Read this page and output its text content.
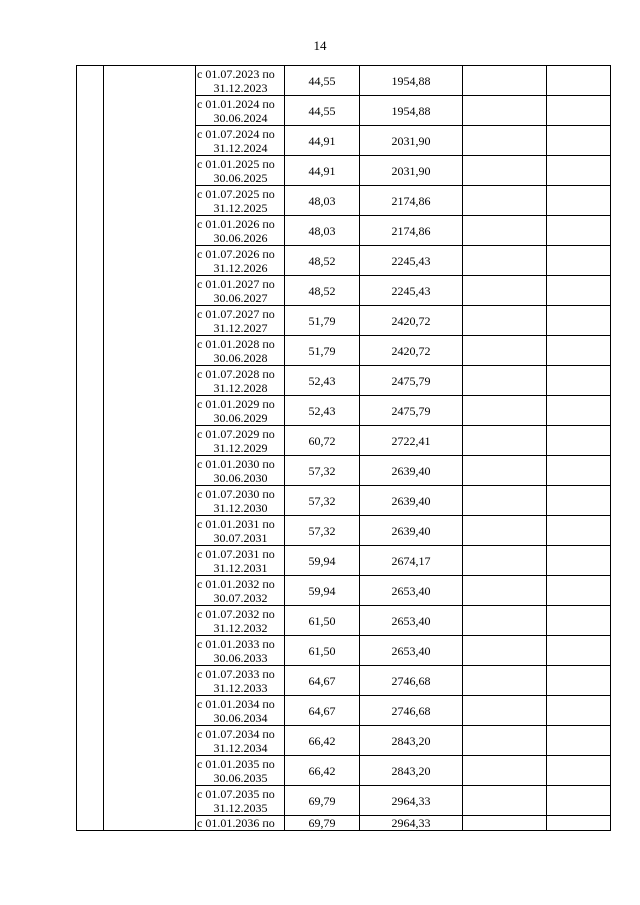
14
		с 01.07.2023 по
31.12.2023	44,55	1954,88		
		с 01.01.2024 по
30.06.2024	44,55	1954,88		
		с 01.07.2024 по
31.12.2024	44,91	2031,90		
		с 01.01.2025 по
30.06.2025	44,91	2031,90		
		с 01.07.2025 по
31.12.2025	48,03	2174,86		
		с 01.01.2026 по
30.06.2026	48,03	2174,86		
		с 01.07.2026 по
31.12.2026	48,52	2245,43		
		с 01.01.2027 по
30.06.2027	48,52	2245,43		
		с 01.07.2027 по
31.12.2027	51,79	2420,72		
		с 01.01.2028 по
30.06.2028	51,79	2420,72		
		с 01.07.2028 по
31.12.2028	52,43	2475,79		
		с 01.01.2029 по
30.06.2029	52,43	2475,79		
		с 01.07.2029 по
31.12.2029	60,72	2722,41		
		с 01.01.2030 по
30.06.2030	57,32	2639,40		
		с 01.07.2030 по
31.12.2030	57,32	2639,40		
		с 01.01.2031 по
30.07.2031	57,32	2639,40		
		с 01.07.2031 по
31.12.2031	59,94	2674,17		
		с 01.01.2032 по
30.07.2032	59,94	2653,40		
		с 01.07.2032 по
31.12.2032	61,50	2653,40		
		с 01.01.2033 по
30.06.2033	61,50	2653,40		
		с 01.07.2033 по
31.12.2033	64,67	2746,68		
		с 01.01.2034 по
30.06.2034	64,67	2746,68		
		с 01.07.2034 по
31.12.2034	66,42	2843,20		
		с 01.01.2035 по
30.06.2035	66,42	2843,20		
		с 01.07.2035 по
31.12.2035	69,79	2964,33		
		с 01.01.2036 по	69,79	2964,33		
